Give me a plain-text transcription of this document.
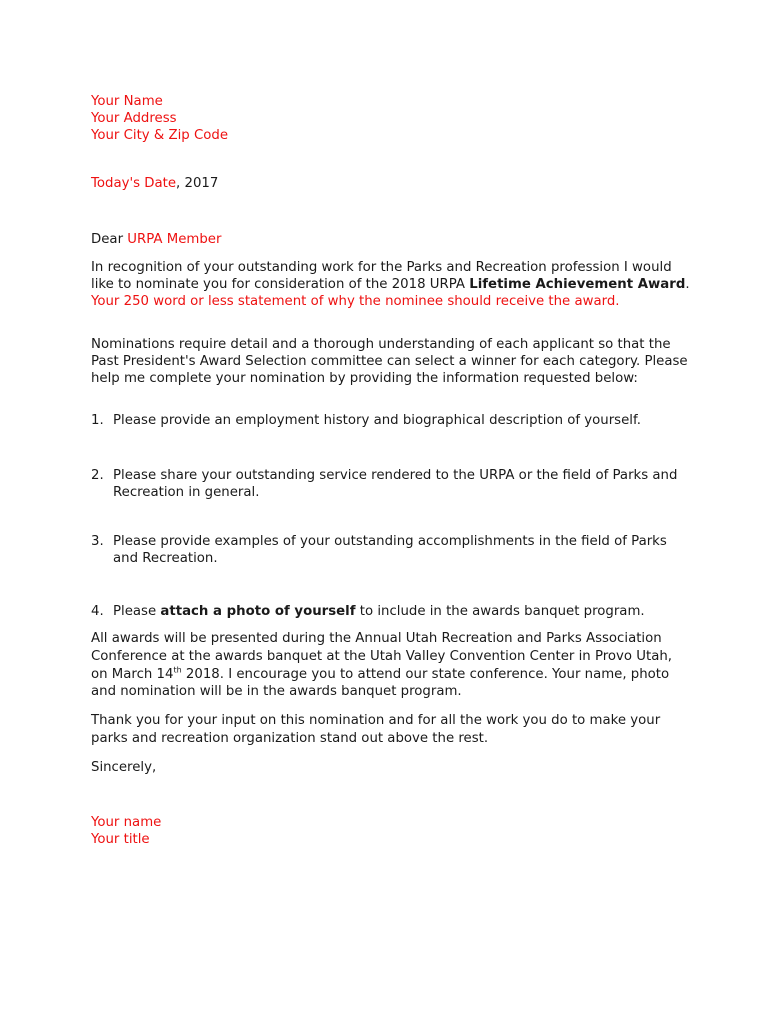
Your Name
Your Address
Your City & Zip Code
Today's Date, 2017
Dear URPA Member

In recognition of your outstanding work for the Parks and Recreation profession I would like to nominate you for consideration of the 2018 URPA Lifetime Achievement Award. Your 250 word or less statement of why the nominee should receive the award.

Nominations require detail and a thorough understanding of each applicant so that the Past President's Award Selection committee can select a winner for each category. Please help me complete your nomination by providing the information requested below:

1. Please provide an employment history and biographical description of yourself.
2. Please share your outstanding service rendered to the URPA or the field of Parks and Recreation in general.
3. Please provide examples of your outstanding accomplishments in the field of Parks and Recreation.
4. Please attach a photo of yourself to include in the awards banquet program.

All awards will be presented during the Annual Utah Recreation and Parks Association Conference at the awards banquet at the Utah Valley Convention Center in Provo Utah, on March 14th 2018. I encourage you to attend our state conference. Your name, photo and nomination will be in the awards banquet program.

Thank you for your input on this nomination and for all the work you do to make your parks and recreation organization stand out above the rest.

Sincerely,
Your name
Your title
